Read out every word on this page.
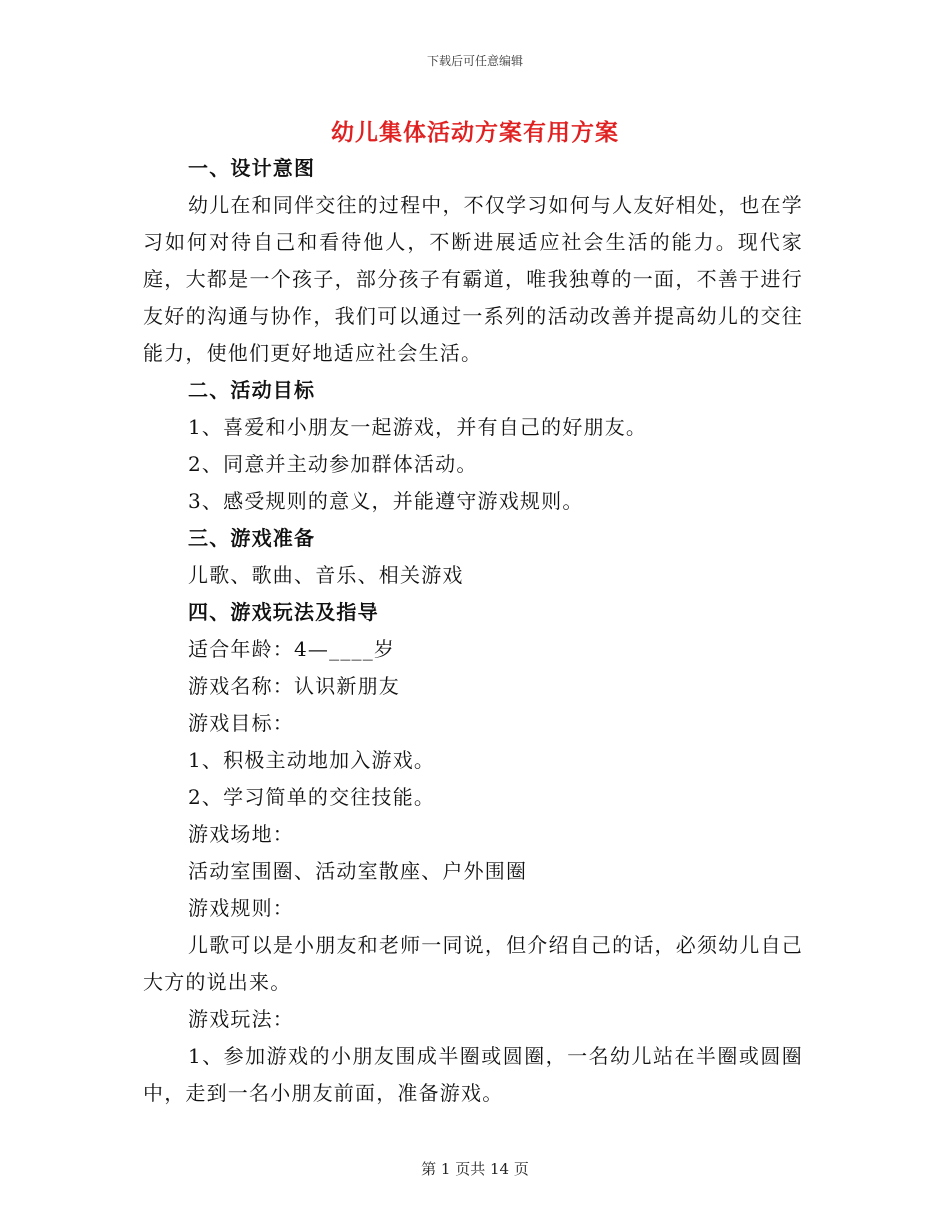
下载后可任意编辑
幼儿集体活动方案有用方案
一、设计意图
幼儿在和同伴交往的过程中，不仅学习如何与人友好相处，也在学习如何对待自己和看待他人，不断进展适应社会生活的能力。现代家庭，大都是一个孩子，部分孩子有霸道，唯我独尊的一面，不善于进行友好的沟通与协作，我们可以通过一系列的活动改善并提高幼儿的交往能力，使他们更好地适应社会生活。
二、活动目标
1、喜爱和小朋友一起游戏，并有自己的好朋友。
2、同意并主动参加群体活动。
3、感受规则的意义，并能遵守游戏规则。
三、游戏准备
儿歌、歌曲、音乐、相关游戏
四、游戏玩法及指导
适合年龄：4—____岁
游戏名称：认识新朋友
游戏目标：
1、积极主动地加入游戏。
2、学习简单的交往技能。
游戏场地：
活动室围圈、活动室散座、户外围圈
游戏规则：
儿歌可以是小朋友和老师一同说，但介绍自己的话，必须幼儿自己大方的说出来。
游戏玩法：
1、参加游戏的小朋友围成半圈或圆圈，一名幼儿站在半圈或圆圈中，走到一名小朋友前面，准备游戏。
第 1 页共 14 页
